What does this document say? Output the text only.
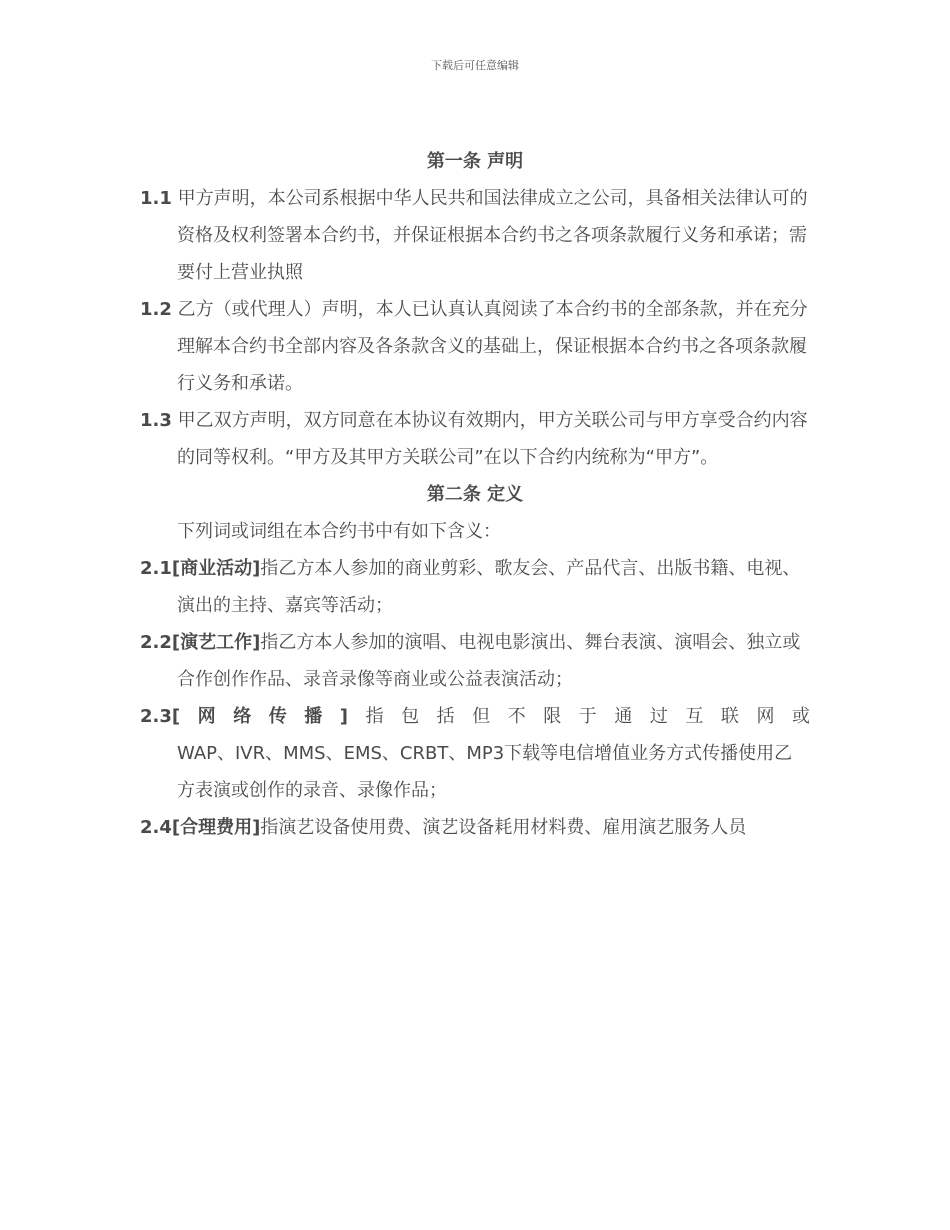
下载后可任意编辑
第一条 声明

1.1 甲方声明，本公司系根据中华人民共和国法律成立之公司，具备相关法律认可的资格及权利签署本合约书，并保证根据本合约书之各项条款履行义务和承诺；需要付上营业执照

1.2 乙方（或代理人）声明，本人已认真认真阅读了本合约书的全部条款，并在充分理解本合约书全部内容及各条款含义的基础上，保证根据本合约书之各项条款履行义务和承诺。

1.3 甲乙双方声明，双方同意在本协议有效期内，甲方关联公司与甲方享受合约内容的同等权利。“甲方及其甲方关联公司”在以下合约内统称为“甲方”。

第二条 定义

下列词或词组在本合约书中有如下含义：

2.1[商业活动]指乙方本人参加的商业剪彩、歌友会、产品代言、出版书籍、电视、演出的主持、嘉宾等活动；

2.2[演艺工作]指乙方本人参加的演唱、电视电影演出、舞台表演、演唱会、独立或合作创作作品、录音录像等商业或公益表演活动；

2.3[网络传播]指包括但不限于通过互联网或

WAP、IVR、MMS、EMS、CRBT、MP3下载等电信增值业务方式传播使用乙方表演或创作的录音、录像作品；

2.4[合理费用]指演艺设备使用费、演艺设备耗用材料费、雇用演艺服务人员
